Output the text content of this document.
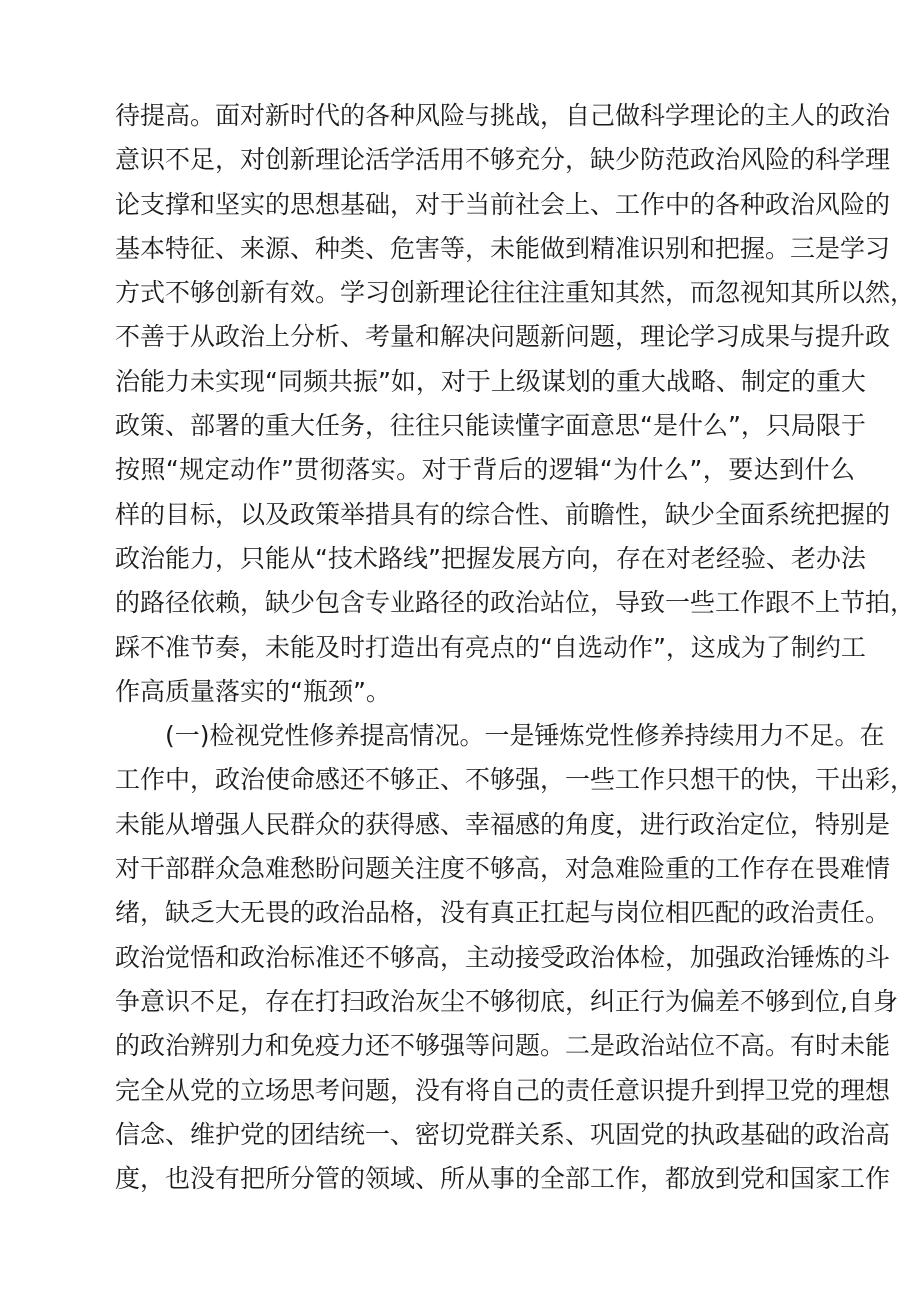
待提高。面对新时代的各种风险与挑战，自己做科学理论的主人的政治
意识不足，对创新理论活学活用不够充分，缺少防范政治风险的科学理
论支撑和坚实的思想基础，对于当前社会上、工作中的各种政治风险的
基本特征、来源、种类、危害等，未能做到精准识别和把握。三是学习
方式不够创新有效。学习创新理论往往注重知其然，而忽视知其所以然，
不善于从政治上分析、考量和解决问题新问题，理论学习成果与提升政
治能力未实现“同频共振”如，对于上级谋划的重大战略、制定的重大
政策、部署的重大任务，往往只能读懂字面意思“是什么”，只局限于
按照“规定动作”贯彻落实。对于背后的逻辑“为什么”，要达到什么
样的目标，以及政策举措具有的综合性、前瞻性，缺少全面系统把握的
政治能力，只能从“技术路线”把握发展方向，存在对老经验、老办法
的路径依赖，缺少包含专业路径的政治站位，导致一些工作跟不上节拍，
踩不准节奏，未能及时打造出有亮点的“自选动作”，这成为了制约工
作高质量落实的“瓶颈”。
(一)检视党性修养提高情况。一是锤炼党性修养持续用力不足。在
工作中，政治使命感还不够正、不够强，一些工作只想干的快，干出彩，
未能从增强人民群众的获得感、幸福感的角度，进行政治定位，特别是
对干部群众急难愁盼问题关注度不够高，对急难险重的工作存在畏难情
绪，缺乏大无畏的政治品格，没有真正扛起与岗位相匹配的政治责任。
政治觉悟和政治标准还不够高，主动接受政治体检，加强政治锤炼的斗
争意识不足，存在打扫政治灰尘不够彻底，纠正行为偏差不够到位,自身
的政治辨别力和免疫力还不够强等问题。二是政治站位不高。有时未能
完全从党的立场思考问题，没有将自己的责任意识提升到捍卫党的理想
信念、维护党的团结统一、密切党群关系、巩固党的执政基础的政治高
度，也没有把所分管的领域、所从事的全部工作，都放到党和国家工作
